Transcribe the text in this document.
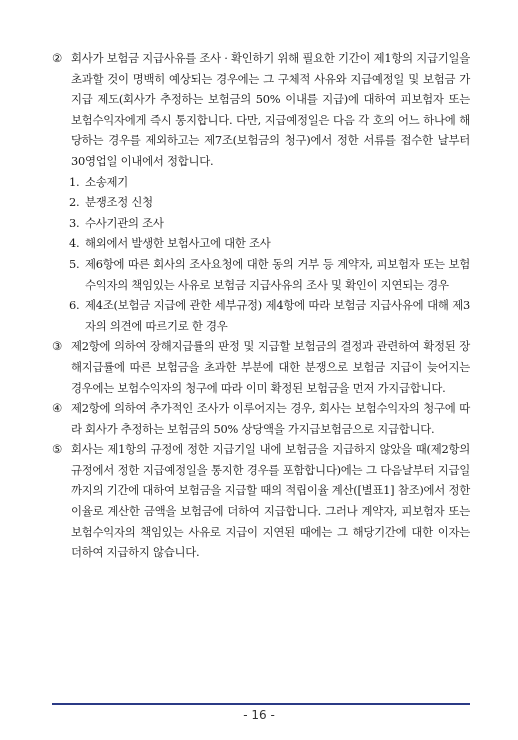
② 회사가 보험금 지급사유를 조사 · 확인하기 위해 필요한 기간이 제1항의 지급기일을 초과할 것이 명백히 예상되는 경우에는 그 구체적 사유와 지급예정일 및 보험금 가지급 제도(회사가 추정하는 보험금의 50% 이내를 지급)에 대하여 피보험자 또는 보험수익자에게 즉시 통지합니다. 다만, 지급예정일은 다음 각 호의 어느 하나에 해당하는 경우를 제외하고는 제7조(보험금의 청구)에서 정한 서류를 접수한 날부터 30영업일 이내에서 정합니다.

1. 소송제기
2. 분쟁조정 신청
3. 수사기관의 조사
4. 해외에서 발생한 보험사고에 대한 조사
5. 제6항에 따른 회사의 조사요청에 대한 동의 거부 등 계약자, 피보험자 또는 보험수익자의 책임있는 사유로 보험금 지급사유의 조사 및 확인이 지연되는 경우
6. 제4조(보험금 지급에 관한 세부규정) 제4항에 따라 보험금 지급사유에 대해 제3자의 의견에 따르기로 한 경우

③ 제2항에 의하여 장해지급률의 판정 및 지급할 보험금의 결정과 관련하여 확정된 장해지급률에 따른 보험금을 초과한 부분에 대한 분쟁으로 보험금 지급이 늦어지는 경우에는 보험수익자의 청구에 따라 이미 확정된 보험금을 먼저 가지급합니다.

④ 제2항에 의하여 추가적인 조사가 이루어지는 경우, 회사는 보험수익자의 청구에 따라 회사가 추정하는 보험금의 50% 상당액을 가지급보험금으로 지급합니다.

⑤ 회사는 제1항의 규정에 정한 지급기일 내에 보험금을 지급하지 않았을 때(제2항의 규정에서 정한 지급예정일을 통지한 경우를 포함합니다)에는 그 다음날부터 지급일까지의 기간에 대하여 보험금을 지급할 때의 적립이율 계산([별표1] 참조)에서 정한 이율로 계산한 금액을 보험금에 더하여 지급합니다. 그러나 계약자, 피보험자 또는 보험수익자의 책임있는 사유로 지급이 지연된 때에는 그 해당기간에 대한 이자는 더하여 지급하지 않습니다.

- 16 -
